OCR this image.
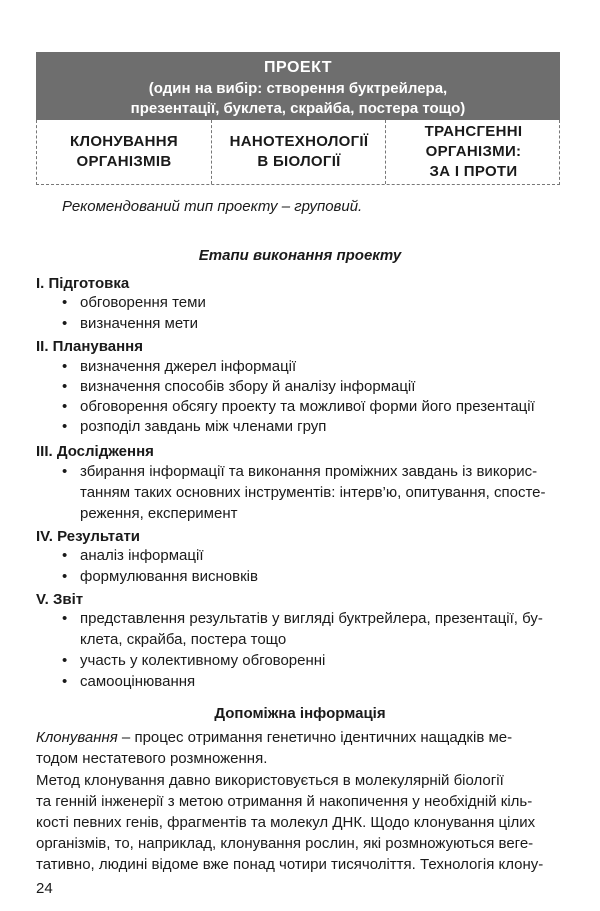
ПРОЕКТ
(один на вибір: створення буктрейлера,
презентації, буклета, скрайба, постера тощо)
КЛОНУВАННЯ
ОРГАНІЗМІВ
НАНОТЕХНОЛОГІЇ
В БІОЛОГІЇ
ТРАНСГЕННІ
ОРГАНІЗМИ:
ЗА І ПРОТИ
Рекомендований тип проекту – груповий.
Етапи виконання проекту
I. Підготовка
• обговорення теми
• визначення мети
II. Планування
• визначення джерел інформації
• визначення способів збору й аналізу інформації
• обговорення обсягу проекту та можливої форми його презентації
• розподіл завдань між членами груп
III. Дослідження
• збирання інформації та виконання проміжних завдань із викорис-
танням таких основних інструментів: інтерв’ю, опитування, спосте-
реження, експеримент
IV. Результати
• аналіз інформації
• формулювання висновків
V. Звіт
• представлення результатів у вигляді буктрейлера, презентації, бу-
клета, скрайба, постера тощо
• участь у колективному обговоренні
• самооцінювання
Допоміжна інформація
Клонування – процес отримання генетично ідентичних нащадків ме-
тодом нестатевого розмноження.
Метод клонування давно використовується в молекулярній біології
та генній інженерії з метою отримання й накопичення у необхідній кіль-
кості певних генів, фрагментів та молекул ДНК. Щодо клонування цілих
організмів, то, наприклад, клонування рослин, які розмножуються веге-
тативно, людині відоме вже понад чотири тисячоліття. Технологія клону-
24
